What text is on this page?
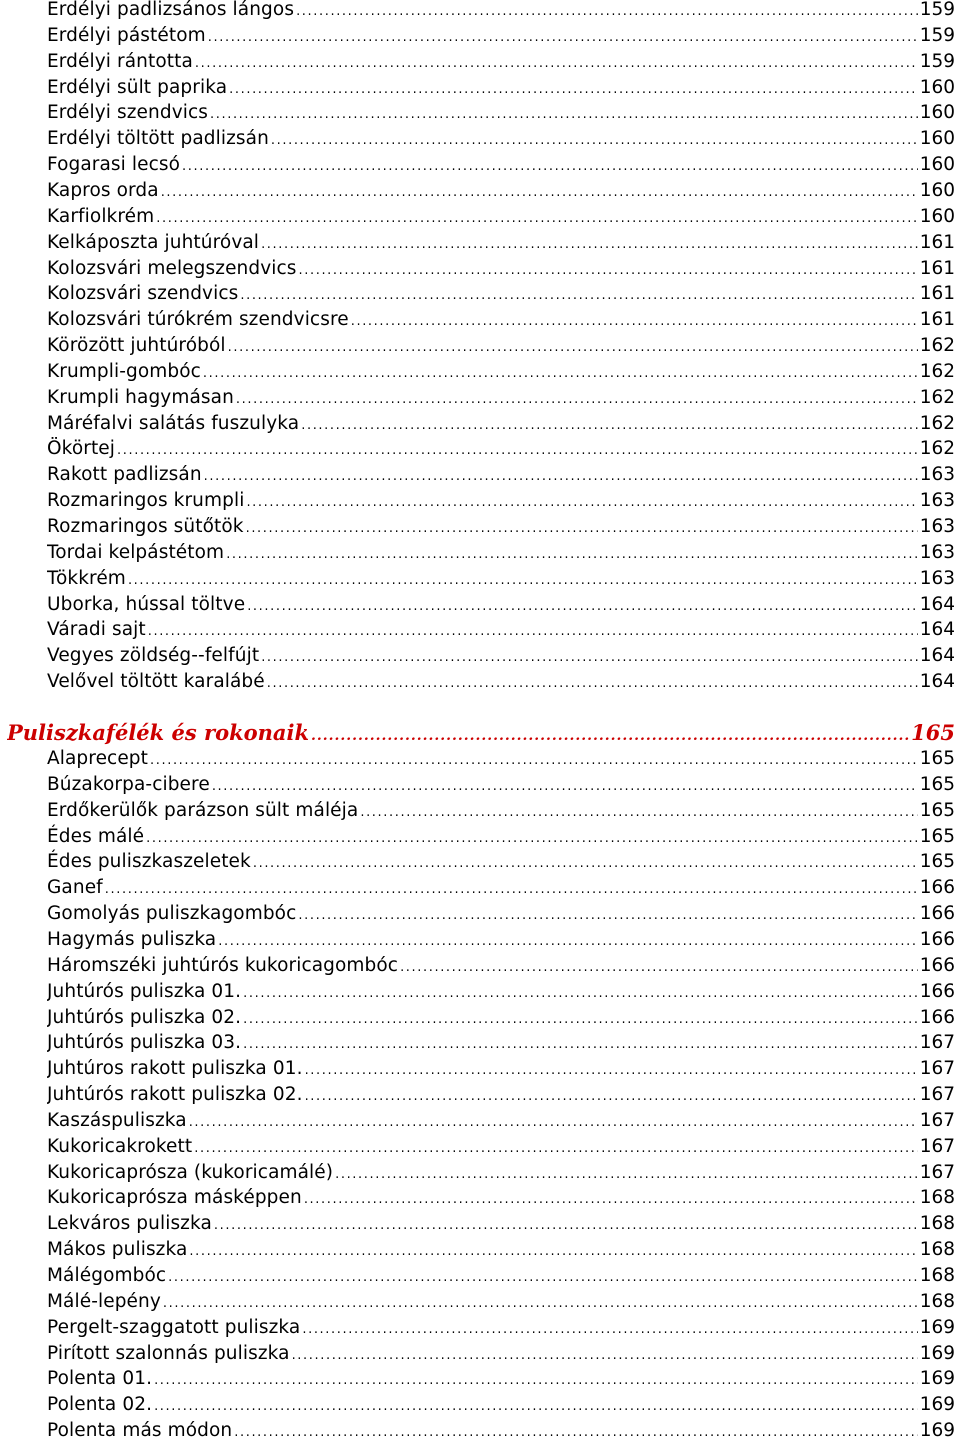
Erdélyi padlizsános lángos .....	159
Erdélyi pástétom .....	159
Erdélyi rántotta .....	159
Erdélyi sült paprika .....	160
Erdélyi szendvics .....	160
Erdélyi töltött padlizsán .....	160
Fogarasi lecsó .....	160
Kapros orda .....	160
Karfiolkrém .....	160
Kelkáposzta juhtúróval .....	161
Kolozsvári melegszendvics .....	161
Kolozsvári szendvics .....	161
Kolozsvári túrókrém szendvicsre .....	161
Körözött juhtúróból .....	162
Krumpli-gombóc .....	162
Krumpli hagymásan .....	162
Máréfalvi salátás fuszulyka .....	162
Ökörtej .....	162
Rakott padlizsán .....	163
Rozmaringos krumpli .....	163
Rozmaringos sütőtök .....	163
Tordai kelpástétom .....	163
Tökkrém .....	163
Uborka, hússal töltve .....	164
Váradi sajt .....	164
Vegyes zöldség--felfújt .....	164
Velővel töltött karalábé .....	164
Puliszkafélék és rokonaik .....	165
Alaprecept .....	165
Búzakorpa-cibere .....	165
Erdőkerülők parázson sült máléja .....	165
Édes málé .....	165
Édes puliszkaszeletek .....	165
Ganef .....	166
Gomolyás puliszkagombóc .....	166
Hagymás puliszka .....	166
Háromszéki juhtúrós kukoricagombóc .....	166
Juhtúrós puliszka 01. .....	166
Juhtúrós puliszka 02. .....	166
Juhtúrós puliszka 03. .....	167
Juhtúros rakott puliszka 01. .....	167
Juhtúrós rakott puliszka 02. .....	167
Kaszáspuliszka .....	167
Kukoricakrokett .....	167
Kukoricaprósza (kukoricamálé) .....	167
Kukoricaprósza másképpen .....	168
Lekváros puliszka .....	168
Mákos puliszka .....	168
Málégombóc .....	168
Málé-lepény .....	168
Pergelt-szaggatott puliszka .....	169
Pirított szalonnás puliszka .....	169
Polenta 01. .....	169
Polenta 02. .....	169
Polenta más módon .....	169
